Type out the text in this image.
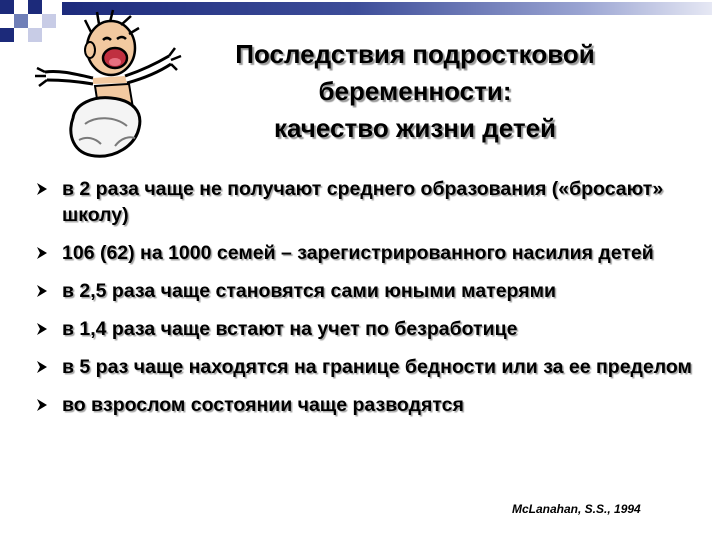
Последствия подростковой
беременности:
качество жизни детей
в 2 раза чаще не получают среднего образования («бросают» школу)
106 (62) на 1000 семей – зарегистрированного насилия детей
в 2,5 раза чаще становятся сами юными матерями
в 1,4 раза чаще встают на учет по безработице
в 5 раз чаще находятся на границе бедности или за ее пределом
во взрослом состоянии чаще разводятся
McLanahan, S.S., 1994
